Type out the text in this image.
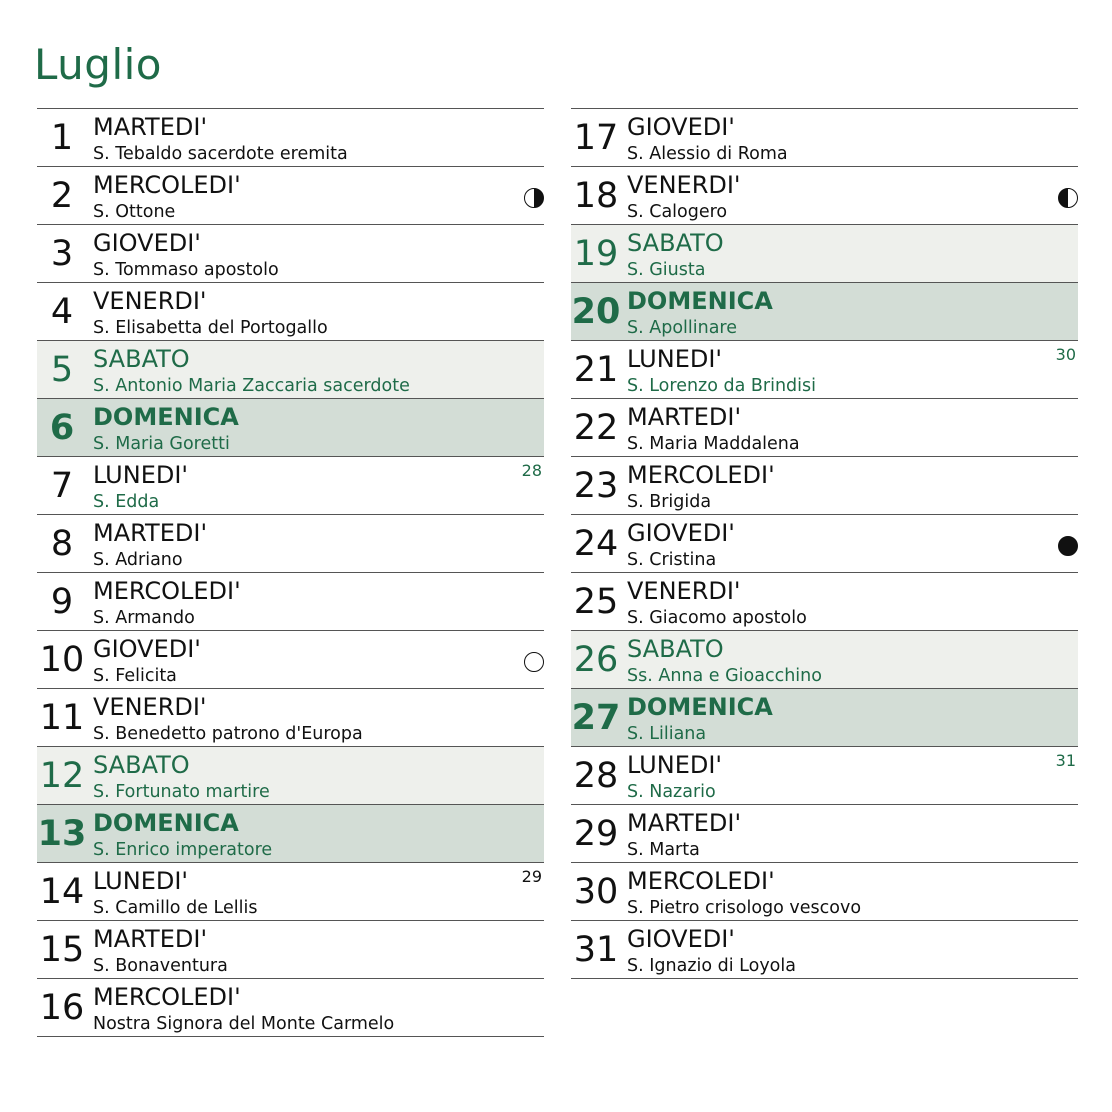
Luglio
1 MARTEDI'
S. Tebaldo sacerdote eremita
2 MERCOLEDI'
S. Ottone
3 GIOVEDI'
S. Tommaso apostolo
4 VENERDI'
S. Elisabetta del Portogallo
5 SABATO
S. Antonio Maria Zaccaria sacerdote
6 DOMENICA
S. Maria Goretti
7 LUNEDI'
S. Edda
28
8 MARTEDI'
S. Adriano
9 MERCOLEDI'
S. Armando
10 GIOVEDI'
S. Felicita
11 VENERDI'
S. Benedetto patrono d'Europa
12 SABATO
S. Fortunato martire
13 DOMENICA
S. Enrico imperatore
14 LUNEDI'
S. Camillo de Lellis
29
15 MARTEDI'
S. Bonaventura
16 MERCOLEDI'
Nostra Signora del Monte Carmelo
17 GIOVEDI'
S. Alessio di Roma
18 VENERDI'
S. Calogero
19 SABATO
S. Giusta
20 DOMENICA
S. Apollinare
21 LUNEDI'
S. Lorenzo da Brindisi
30
22 MARTEDI'
S. Maria Maddalena
23 MERCOLEDI'
S. Brigida
24 GIOVEDI'
S. Cristina
25 VENERDI'
S. Giacomo apostolo
26 SABATO
Ss. Anna e Gioacchino
27 DOMENICA
S. Liliana
28 LUNEDI'
S. Nazario
31
29 MARTEDI'
S. Marta
30 MERCOLEDI'
S. Pietro crisologo vescovo
31 GIOVEDI'
S. Ignazio di Loyola
